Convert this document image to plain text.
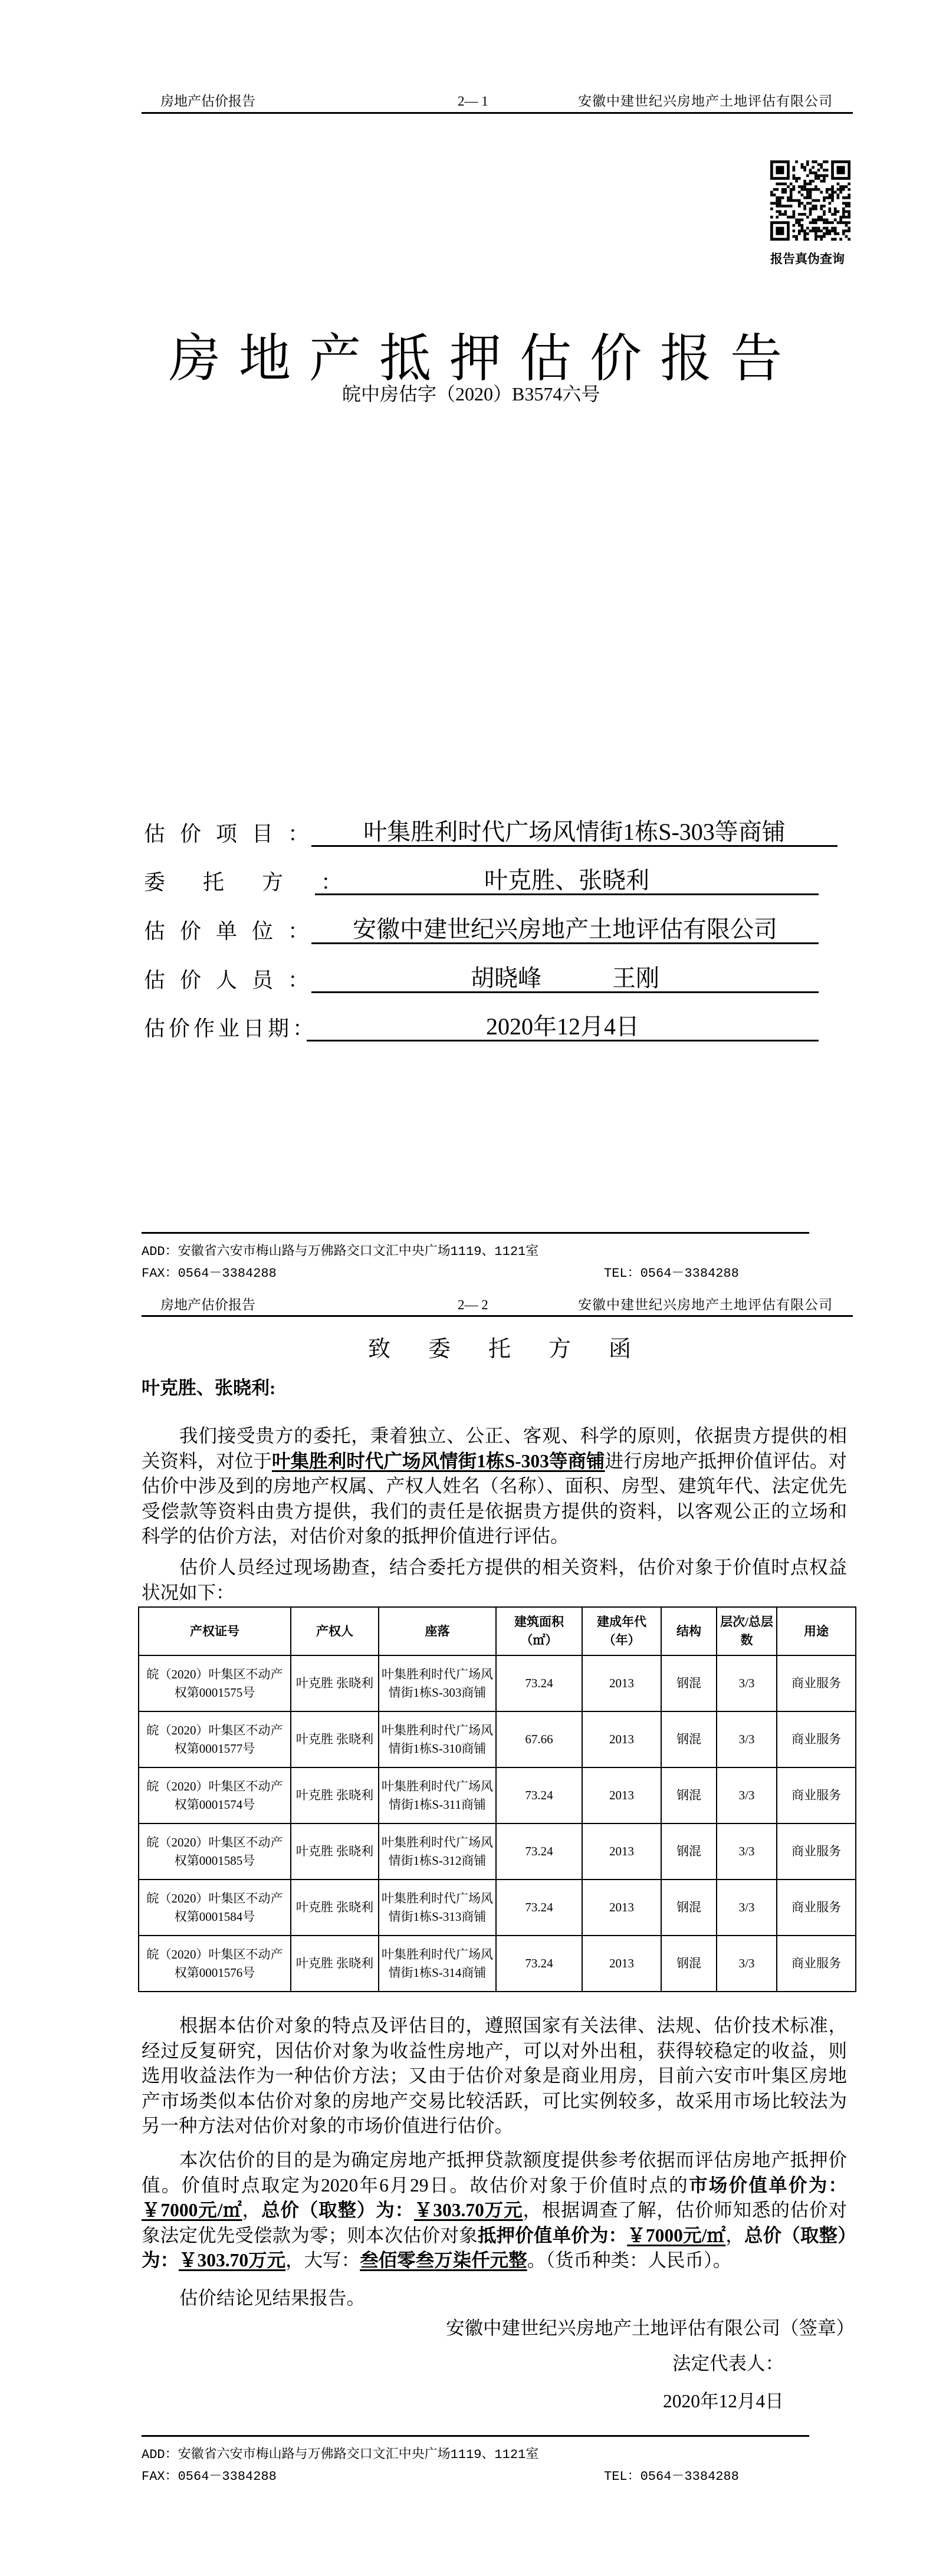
房地产估价报告	2— 1	安徽中建世纪兴房地产土地评估有限公司
报告真伪查询
房地产抵押估价报告
皖中房估字（2020）B3574六号
估价项目： 叶集胜利时代广场风情街1栋S-303等商铺
委托方：	叶克胜、张晓利
估价单位： 安徽中建世纪兴房地产土地评估有限公司
估价人员：	胡晓峰　　　王刚
估价作业日期：	2020年12月4日
ADD：安徽省六安市梅山路与万佛路交口文汇中央广场1119、1121室
FAX：0564－3384288	TEL：0564－3384288
房地产估价报告	2— 2	安徽中建世纪兴房地产土地评估有限公司
致委托方函
叶克胜、张晓利:
我们接受贵方的委托，秉着独立、公正、客观、科学的原则，依据贵方提供的相关资料，对位于叶集胜利时代广场风情街1栋S-303等商铺进行房地产抵押价值评估。对估价中涉及到的房地产权属、产权人姓名（名称）、面积、房型、建筑年代、法定优先受偿款等资料由贵方提供，我们的责任是依据贵方提供的资料，以客观公正的立场和科学的估价方法，对估价对象的抵押价值进行评估。
估价人员经过现场勘查，结合委托方提供的相关资料，估价对象于价值时点权益状况如下：
产权证号	产权人	座落	建筑面积（㎡）	建成年代（年）	结构	层次/总层数	用途
皖（2020）叶集区不动产权第0001575号	叶克胜 张晓利	叶集胜利时代广场风情街1栋S-303商铺	73.24	2013	钢混	3/3	商业服务
皖（2020）叶集区不动产权第0001577号	叶克胜 张晓利	叶集胜利时代广场风情街1栋S-310商铺	67.66	2013	钢混	3/3	商业服务
皖（2020）叶集区不动产权第0001574号	叶克胜 张晓利	叶集胜利时代广场风情街1栋S-311商铺	73.24	2013	钢混	3/3	商业服务
皖（2020）叶集区不动产权第0001585号	叶克胜 张晓利	叶集胜利时代广场风情街1栋S-312商铺	73.24	2013	钢混	3/3	商业服务
皖（2020）叶集区不动产权第0001584号	叶克胜 张晓利	叶集胜利时代广场风情街1栋S-313商铺	73.24	2013	钢混	3/3	商业服务
皖（2020）叶集区不动产权第0001576号	叶克胜 张晓利	叶集胜利时代广场风情街1栋S-314商铺	73.24	2013	钢混	3/3	商业服务
根据本估价对象的特点及评估目的，遵照国家有关法律、法规、估价技术标准，经过反复研究，因估价对象为收益性房地产，可以对外出租，获得较稳定的收益，则选用收益法作为一种估价方法；又由于估价对象是商业用房，目前六安市叶集区房地产市场类似本估价对象的房地产交易比较活跃，可比实例较多，故采用市场比较法为另一种方法对估价对象的市场价值进行估价。
本次估价的目的是为确定房地产抵押贷款额度提供参考依据而评估房地产抵押价值。价值时点取定为2020年6月29日。故估价对象于价值时点的市场价值单价为：￥7000元/㎡，总价（取整）为：￥303.70万元，根据调查了解，估价师知悉的估价对象法定优先受偿款为零；则本次估价对象抵押价值单价为：￥7000元/㎡，总价（取整）为：￥303.70万元，大写：叁佰零叁万柒仟元整。（货币种类：人民币）。
估价结论见结果报告。
安徽中建世纪兴房地产土地评估有限公司（签章）
法定代表人：
2020年12月4日
ADD：安徽省六安市梅山路与万佛路交口文汇中央广场1119、1121室
FAX：0564－3384288	TEL：0564－3384288
